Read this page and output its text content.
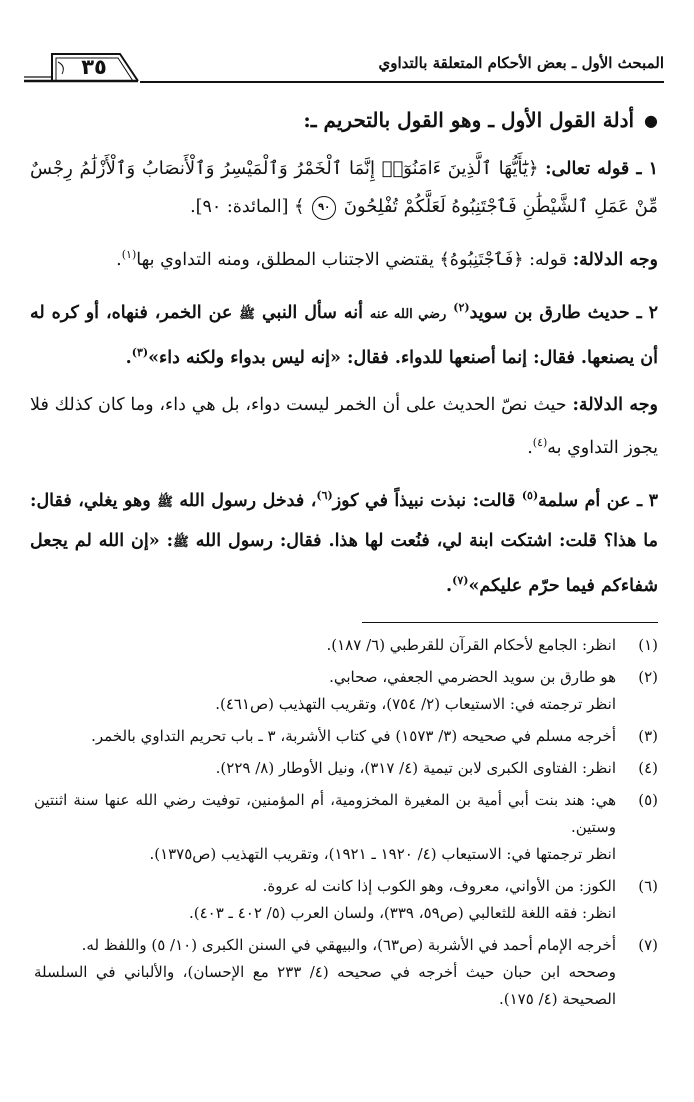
المبحث الأول ـ بعض الأحكام المتعلقة بالتداوي
٣٥
●
أدلة القول الأول ـ وهو القول بالتحريم ـ:

١ ـ قوله تعالى: ﴿يَٰٓأَيُّهَا ٱلَّذِينَ ءَامَنُوٓا۟ إِنَّمَا ٱلْخَمْرُ وَٱلْمَيْسِرُ وَٱلْأَنصَابُ وَٱلْأَزْلَٰمُ رِجْسٌ مِّنْ عَمَلِ ٱلشَّيْطَٰنِ فَٱجْتَنِبُوهُ لَعَلَّكُمْ تُفْلِحُونَ ٩٠ ﴾ [المائدة: ٩٠].

وجه الدلالة: قوله: ﴿فَٱجْتَنِبُوهُ﴾ يقتضي الاجتناب المطلق، ومنه التداوي بها$^{(١)}$.

٢ ـ حديث طارق بن سويد$^{(٢)}$ رضي الله عنه أنه سأل النبي ﷺ عن الخمر، فنهاه، أو كره له أن يصنعها. فقال: إنما أصنعها للدواء. فقال: «إنه ليس بدواء ولكنه داء»$^{(٣)}$.

وجه الدلالة: حيث نصّ الحديث على أن الخمر ليست دواء، بل هي داء، وما كان كذلك فلا يجوز التداوي به$^{(٤)}$.

٣ ـ عن أم سلمة$^{(٥)}$ قالت: نبذت نبيذاً في كوز$^{(٦)}$، فدخل رسول الله ﷺ وهو يغلي، فقال: ما هذا؟ قلت: اشتكت ابنة لي، فنُعت لها هذا. فقال: رسول الله ﷺ: «إن الله لم يجعل شفاءكم فيما حرّم عليكم»$^{(٧)}$.

(١)
انظر: الجامع لأحكام القرآن للقرطبي (٦/ ١٨٧).
(٢)
هو طارق بن سويد الحضرمي الجعفي، صحابي.
انظر ترجمته في: الاستيعاب (٢/ ٧٥٤)، وتقريب التهذيب (ص٤٦١).
(٣)
أخرجه مسلم في صحيحه (٣/ ١٥٧٣) في كتاب الأشربة، ٣ ـ باب تحريم التداوي بالخمر.
(٤)
انظر: الفتاوى الكبرى لابن تيمية (٤/ ٣١٧)، ونيل الأوطار (٨/ ٢٢٩).
(٥)
هي: هند بنت أبي أمية بن المغيرة المخزومية، أم المؤمنين، توفيت رضي الله عنها سنة اثنتين وستين.
انظر ترجمتها في: الاستيعاب (٤/ ١٩٢٠ ـ ١٩٢١)، وتقريب التهذيب (ص١٣٧٥).
(٦)
الكوز: من الأواني، معروف، وهو الكوب إذا كانت له عروة.
انظر: فقه اللغة للثعالبي (ص٥٩، ٣٣٩)، ولسان العرب (٥/ ٤٠٢ ـ ٤٠٣).
(٧)
أخرجه الإمام أحمد في الأشربة (ص٦٣)، والبيهقي في السنن الكبرى (١٠/ ٥) واللفظ له.
وصححه ابن حبان حيث أخرجه في صحيحه (٤/ ٢٣٣ مع الإحسان)، والألباني في السلسلة الصحيحة (٤/ ١٧٥).
